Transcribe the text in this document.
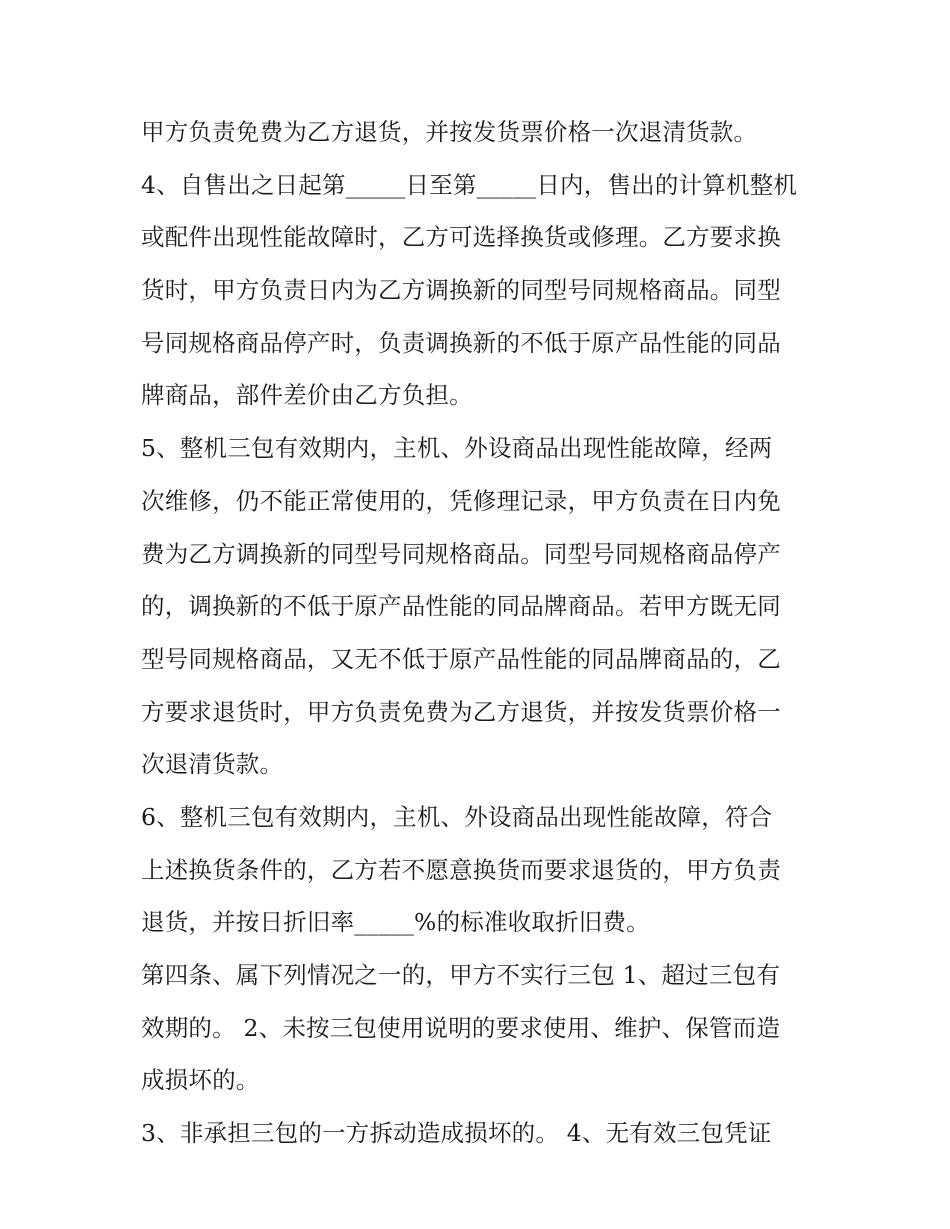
甲方负责免费为乙方退货，并按发货票价格一次退清货款。
4、自售出之日起第_____日至第_____日内，售出的计算机整机
或配件出现性能故障时，乙方可选择换货或修理。乙方要求换
货时，甲方负责日内为乙方调换新的同型号同规格商品。同型
号同规格商品停产时，负责调换新的不低于原产品性能的同品
牌商品，部件差价由乙方负担。
5、整机三包有效期内，主机、外设商品出现性能故障，经两
次维修，仍不能正常使用的，凭修理记录，甲方负责在日内免
费为乙方调换新的同型号同规格商品。同型号同规格商品停产
的，调换新的不低于原产品性能的同品牌商品。若甲方既无同
型号同规格商品，又无不低于原产品性能的同品牌商品的，乙
方要求退货时，甲方负责免费为乙方退货，并按发货票价格一
次退清货款。
6、整机三包有效期内，主机、外设商品出现性能故障，符合
上述换货条件的，乙方若不愿意换货而要求退货的，甲方负责
退货，并按日折旧率_____%的标准收取折旧费。
第四条、属下列情况之一的，甲方不实行三包 1、超过三包有
效期的。 2、未按三包使用说明的要求使用、维护、保管而造
成损坏的。
3、非承担三包的一方拆动造成损坏的。 4、无有效三包凭证
